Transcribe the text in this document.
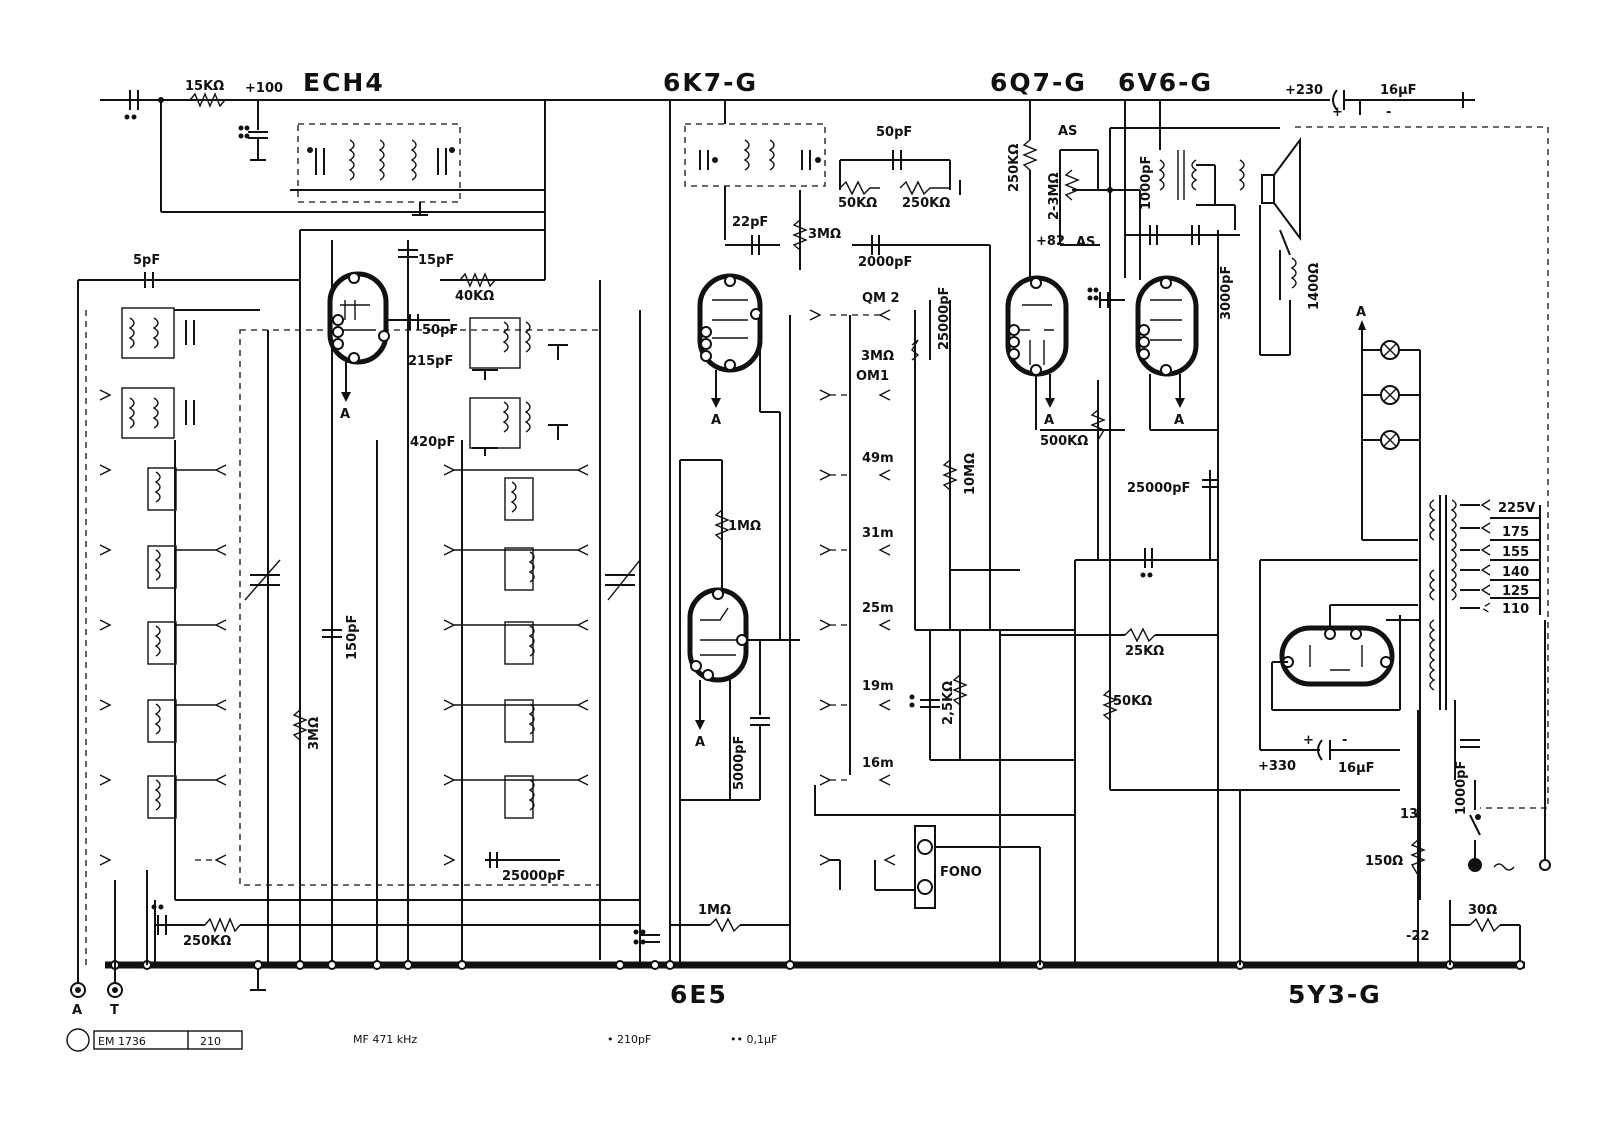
ECH4	6K7-G	6Q7-G 6V6-G
6E5	5Y3-G
15KΩ +100	+230	16μF
+	-
5pF
150pF
3MΩ
A
15pF
40KΩ
50pF
215pF
420pF
25000pF
250KΩ
50pF
50KΩ 250KΩ
22pF
3MΩ
2000pF
A
A
1MΩ
5000pF
1MΩ
QM 2
OM1
3MΩ
49m
31m
25m
19m
16m
25000pF
10MΩ
2,5KΩ
FONO
250KΩ
AS
2-3MΩ
+82 AS
A
500KΩ
1400Ω
1000pF
3000pF
A
25000pF
25KΩ
50KΩ
A
225V
175
155
140
125
110
+ -
+330	16μF
13
150Ω
30Ω
-22
1000pF
A T
EM 1736	210	MF 471 kHz	• 210pF	•• 0,1μF
